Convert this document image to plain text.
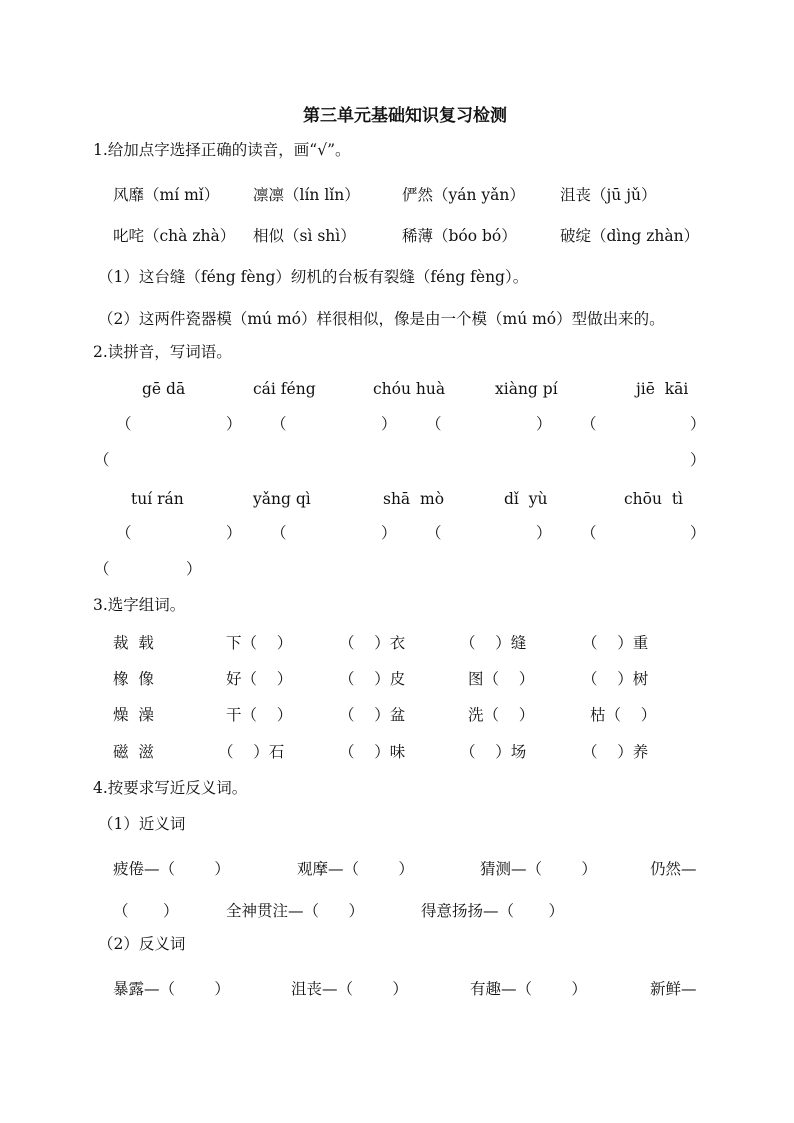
第三单元基础知识复习检测
1.给加点字选择正确的读音，画“√”。
风靡（mí mǐ） 凛凛（lín lǐn）	俨然（yán yǎn） 沮丧（jū jǔ）
叱咤（chà zhà） 相似（sì shì）	稀薄（bóo bó）	破绽（dìng zhàn）
（1）这台缝（féng fèng）纫机的台板有裂缝（féng fèng）。
（2）这两件瓷器模（mú mó）样很相似，像是由一个模（mú mó）型做出来的。
2.读拼音，写词语。
gē dā	cái féng	chóu huà	xiàng pí	jiē  kāi
（	） （	） （	） （	）
（	）
tuí rán	yǎng qì	shā  mò	dǐ  yù	chōu  tì
（	） （	） （	） （	）
（	）
3.选字组词。
裁  载	下（    ）	（    ）衣	（    ）缝	（    ）重
橡  像	好（    ）	（    ）皮	图（    ）	（    ）树
燥  澡	干（    ）	（    ）盆	洗（    ）	枯（    ）
磁  滋	（    ）石	（    ）味	（    ）场	（    ）养
4.按要求写近反义词。
（1）近义词
疲倦—（        ）	观摩—（        ）	猜测—（        ）	仍然—
（       ）	全神贯注—（      ）	得意扬扬—（       ）
（2）反义词
暴露—（        ）	沮丧—（        ）	有趣—（        ）	新鲜—
